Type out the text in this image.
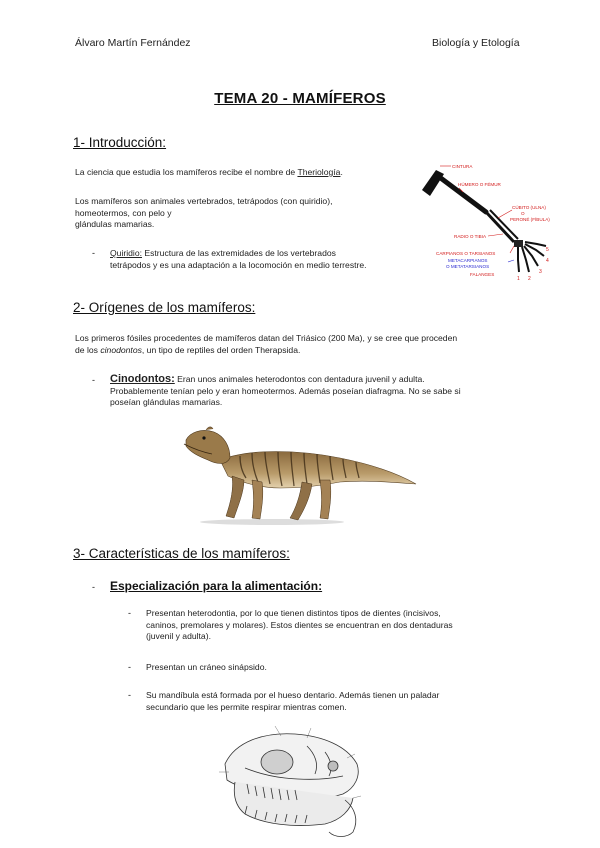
Álvaro Martín Fernández	Biología y Etología
TEMA 20 - MAMÍFEROS
1- Introducción:
La ciencia que estudia los mamíferos recibe el nombre de Theriología.
Los mamíferos son animales vertebrados, tetrápodos (con quiridio),
homeotermos, con pelo y
glándulas mamarias.
- Quiridio: Estructura de las extremidades de los vertebrados
tetrápodos y es una adaptación a la locomoción en medio terrestre.
CINTURA
HÚMERO O FÉMUR
CÚBITO (ULNA)
O
PERONÉ (FÍBULA)
RADIO O TIBIA
CARPIANOS O TARSIANOS
METACARPIANOS
O METATARSIANOS
FALANGES
1 2
3
4
5
2- Orígenes de los mamíferos:
Los primeros fósiles procedentes de mamíferos datan del Triásico (200 Ma), y se cree que proceden
de los cinodontos, un tipo de reptiles del orden Therapsida.
- Cinodontos: Eran unos animales heterodontos con dentadura juvenil y adulta.
Probablemente tenían pelo y eran homeotermos. Además poseían diafragma. No se sabe si
poseían glándulas mamarias.
3- Características de los mamíferos:
- Especialización para la alimentación:
- Presentan heterodontia, por lo que tienen distintos tipos de dientes (incisivos,
caninos, premolares y molares). Estos dientes se encuentran en dos dentaduras
(juvenil y adulta).
- Presentan un cráneo sinápsido.
- Su mandíbula está formada por el hueso dentario. Además tienen un paladar
secundario que les permite respirar mientras comen.
